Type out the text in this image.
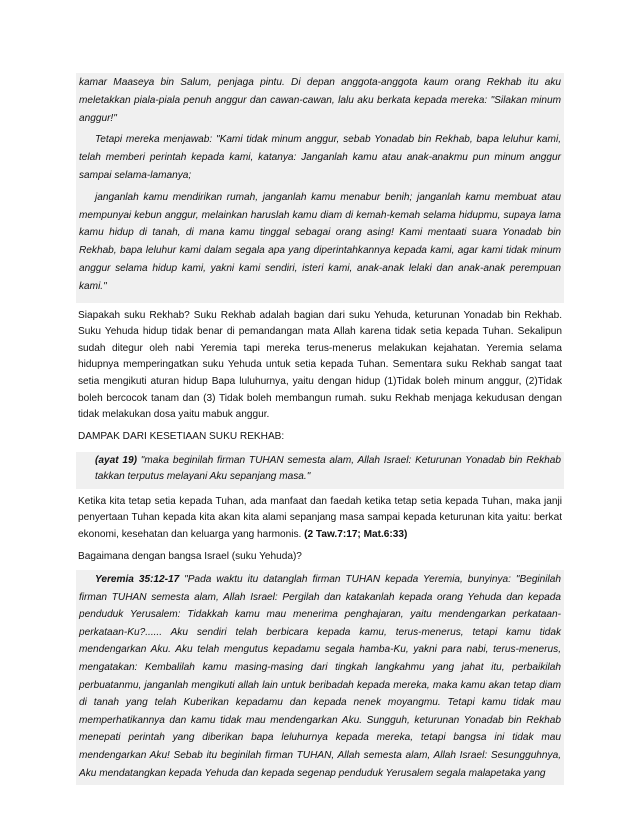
kamar Maaseya bin Salum, penjaga pintu. Di depan anggota-anggota kaum orang Rekhab itu aku meletakkan piala-piala penuh anggur dan cawan-cawan, lalu aku berkata kepada mereka: "Silakan minum anggur!"

Tetapi mereka menjawab: "Kami tidak minum anggur, sebab Yonadab bin Rekhab, bapa leluhur kami, telah memberi perintah kepada kami, katanya: Janganlah kamu atau anak-anakmu pun minum anggur sampai selama-lamanya;

janganlah kamu mendirikan rumah, janganlah kamu menabur benih; janganlah kamu membuat atau mempunyai kebun anggur, melainkan haruslah kamu diam di kemah-kemah selama hidupmu, supaya lama kamu hidup di tanah, di mana kamu tinggal sebagai orang asing! Kami mentaati suara Yonadab bin Rekhab, bapa leluhur kami dalam segala apa yang diperintahkannya kepada kami, agar kami tidak minum anggur selama hidup kami, yakni kami sendiri, isteri kami, anak-anak lelaki dan anak-anak perempuan kami."

Siapakah suku Rekhab? Suku Rekhab adalah bagian dari suku Yehuda, keturunan Yonadab bin Rekhab. Suku Yehuda hidup tidak benar di pemandangan mata Allah karena tidak setia kepada Tuhan. Sekalipun sudah ditegur oleh nabi Yeremia tapi mereka terus-menerus melakukan kejahatan. Yeremia selama hidupnya memperingatkan suku Yehuda untuk setia kepada Tuhan. Sementara suku Rekhab sangat taat setia mengikuti aturan hidup Bapa luluhurnya, yaitu dengan hidup (1)Tidak boleh minum anggur, (2)Tidak boleh bercocok tanam dan (3) Tidak boleh membangun rumah. suku Rekhab menjaga kekudusan dengan tidak melakukan dosa yaitu mabuk anggur.

DAMPAK DARI KESETIAAN SUKU REKHAB:

(ayat 19) "maka beginilah firman TUHAN semesta alam, Allah Israel: Keturunan Yonadab bin Rekhab takkan terputus melayani Aku sepanjang masa."

Ketika kita tetap setia kepada Tuhan, ada manfaat dan faedah ketika tetap setia kepada Tuhan, maka janji penyertaan Tuhan kepada kita akan kita alami sepanjang masa sampai kepada keturunan kita yaitu: berkat ekonomi, kesehatan dan keluarga yang harmonis. (2 Taw.7:17; Mat.6:33)

Bagaimana dengan bangsa Israel (suku Yehuda)?

Yeremia 35:12-17 "Pada waktu itu datanglah firman TUHAN kepada Yeremia, bunyinya: "Beginilah firman TUHAN semesta alam, Allah Israel: Pergilah dan katakanlah kepada orang Yehuda dan kepada penduduk Yerusalem: Tidakkah kamu mau menerima penghajaran, yaitu mendengarkan perkataan-perkataan-Ku?...... Aku sendiri telah berbicara kepada kamu, terus-menerus, tetapi kamu tidak mendengarkan Aku. Aku telah mengutus kepadamu segala hamba-Ku, yakni para nabi, terus-menerus, mengatakan: Kembalilah kamu masing-masing dari tingkah langkahmu yang jahat itu, perbaikilah perbuatanmu, janganlah mengikuti allah lain untuk beribadah kepada mereka, maka kamu akan tetap diam di tanah yang telah Kuberikan kepadamu dan kepada nenek moyangmu. Tetapi kamu tidak mau memperhatikannya dan kamu tidak mau mendengarkan Aku. Sungguh, keturunan Yonadab bin Rekhab menepati perintah yang diberikan bapa leluhurnya kepada mereka, tetapi bangsa ini tidak mau mendengarkan Aku! Sebab itu beginilah firman TUHAN, Allah semesta alam, Allah Israel: Sesungguhnya, Aku mendatangkan kepada Yehuda dan kepada segenap penduduk Yerusalem segala malapetaka yang
